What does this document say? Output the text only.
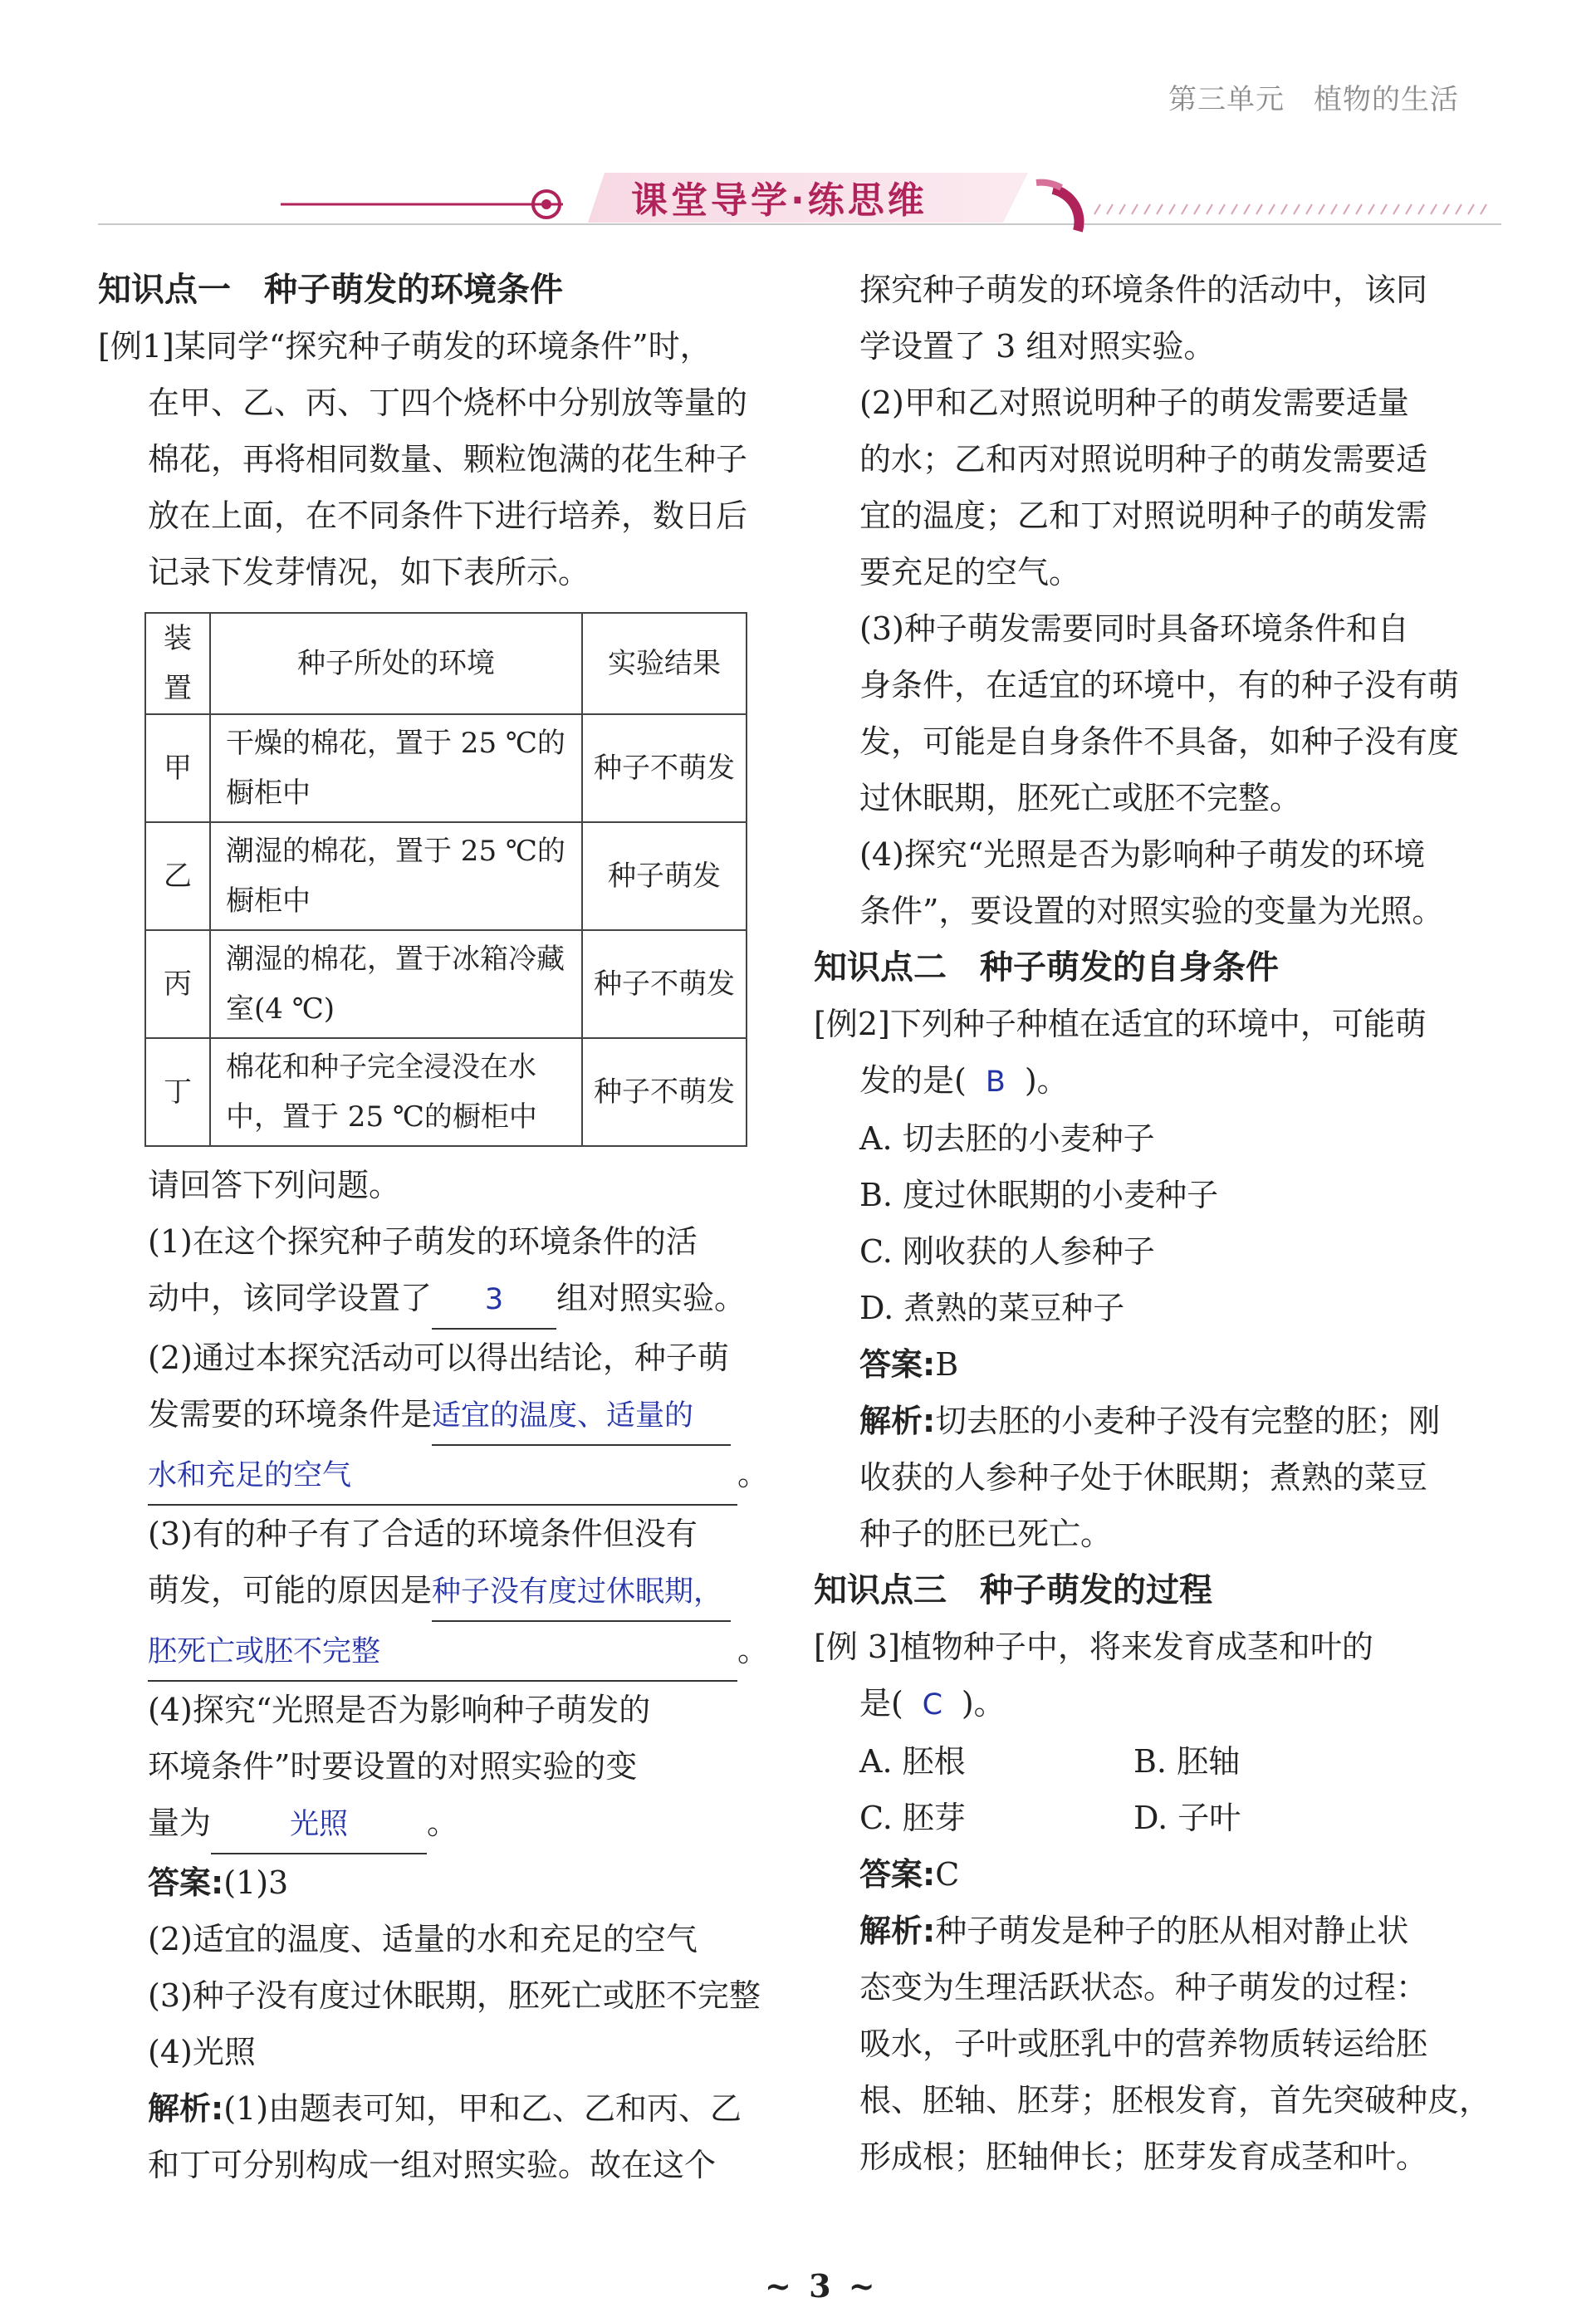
第三单元　植物的生活
课堂导学·练思维
知识点一　种子萌发的环境条件
[例1]某同学“探究种子萌发的环境条件”时，
在甲、乙、丙、丁四个烧杯中分别放等量的
棉花，再将相同数量、颗粒饱满的花生种子
放在上面，在不同条件下进行培养，数日后
记录下发芽情况，如下表所示。
装置	种子所处的环境	实验结果
甲	干燥的棉花，置于 25 ℃的橱柜中	种子不萌发
乙	潮湿的棉花，置于 25 ℃的橱柜中	种子萌发
丙	潮湿的棉花，置于冰箱冷藏室(4 ℃)	种子不萌发
丁	棉花和种子完全浸没在水中，置于 25 ℃的橱柜中	种子不萌发
请回答下列问题。
(1)在这个探究种子萌发的环境条件的活
动中，该同学设置了 3 组对照实验。
(2)通过本探究活动可以得出结论，种子萌
发需要的环境条件是适宜的温度、适量的
水和充足的空气	。
(3)有的种子有了合适的环境条件但没有
萌发，可能的原因是种子没有度过休眠期，
胚死亡或胚不完整	。
(4)探究“光照是否为影响种子萌发的
环境条件”时要设置的对照实验的变
量为	光照	。
答案:(1)3
(2)适宜的温度、适量的水和充足的空气
(3)种子没有度过休眠期，胚死亡或胚不完整
(4)光照
解析:(1)由题表可知，甲和乙、乙和丙、乙
和丁可分别构成一组对照实验。故在这个
探究种子萌发的环境条件的活动中，该同
学设置了 3 组对照实验。
(2)甲和乙对照说明种子的萌发需要适量
的水；乙和丙对照说明种子的萌发需要适
宜的温度；乙和丁对照说明种子的萌发需
要充足的空气。
(3)种子萌发需要同时具备环境条件和自
身条件，在适宜的环境中，有的种子没有萌
发，可能是自身条件不具备，如种子没有度
过休眠期，胚死亡或胚不完整。
(4)探究“光照是否为影响种子萌发的环境
条件”，要设置的对照实验的变量为光照。
知识点二　种子萌发的自身条件
[例2]下列种子种植在适宜的环境中，可能萌
发的是( B )。
A. 切去胚的小麦种子
B. 度过休眠期的小麦种子
C. 刚收获的人参种子
D. 煮熟的菜豆种子
答案:B
解析:切去胚的小麦种子没有完整的胚；刚
收获的人参种子处于休眠期；煮熟的菜豆
种子的胚已死亡。
知识点三　种子萌发的过程
[例 3]植物种子中，将来发育成茎和叶的
是( C )。
A. 胚根	B. 胚轴
C. 胚芽	D. 子叶
答案:C
解析:种子萌发是种子的胚从相对静止状
态变为生理活跃状态。种子萌发的过程：
吸水，子叶或胚乳中的营养物质转运给胚
根、胚轴、胚芽；胚根发育，首先突破种皮，
形成根；胚轴伸长；胚芽发育成茎和叶。
~ 3 ~
